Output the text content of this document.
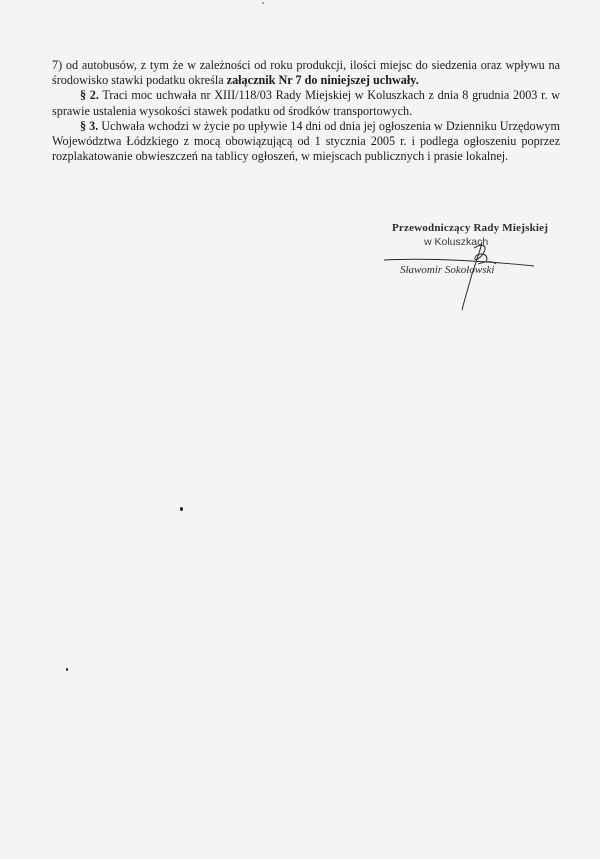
7) od autobusów, z tym że w zależności od roku produkcji, ilości miejsc do siedzenia oraz wpływu na środowisko stawki podatku określa załącznik Nr 7 do niniejszej uchwały.

§ 2. Traci moc uchwała nr XIII/118/03 Rady Miejskiej w Koluszkach z dnia 8 grudnia 2003 r. w sprawie ustalenia wysokości stawek podatku od środków transportowych.

§ 3. Uchwała wchodzi w życie po upływie 14 dni od dnia jej ogłoszenia w Dzienniku Urzędowym Województwa Łódzkiego z mocą obowiązującą od 1 stycznia 2005 r. i podlega ogłoszeniu poprzez rozplakatowanie obwieszczeń na tablicy ogłoszeń, w miejscach publicznych i prasie lokalnej.

Przewodniczący Rady Miejskiej
w Koluszkach
Sławomir Sokołowski
